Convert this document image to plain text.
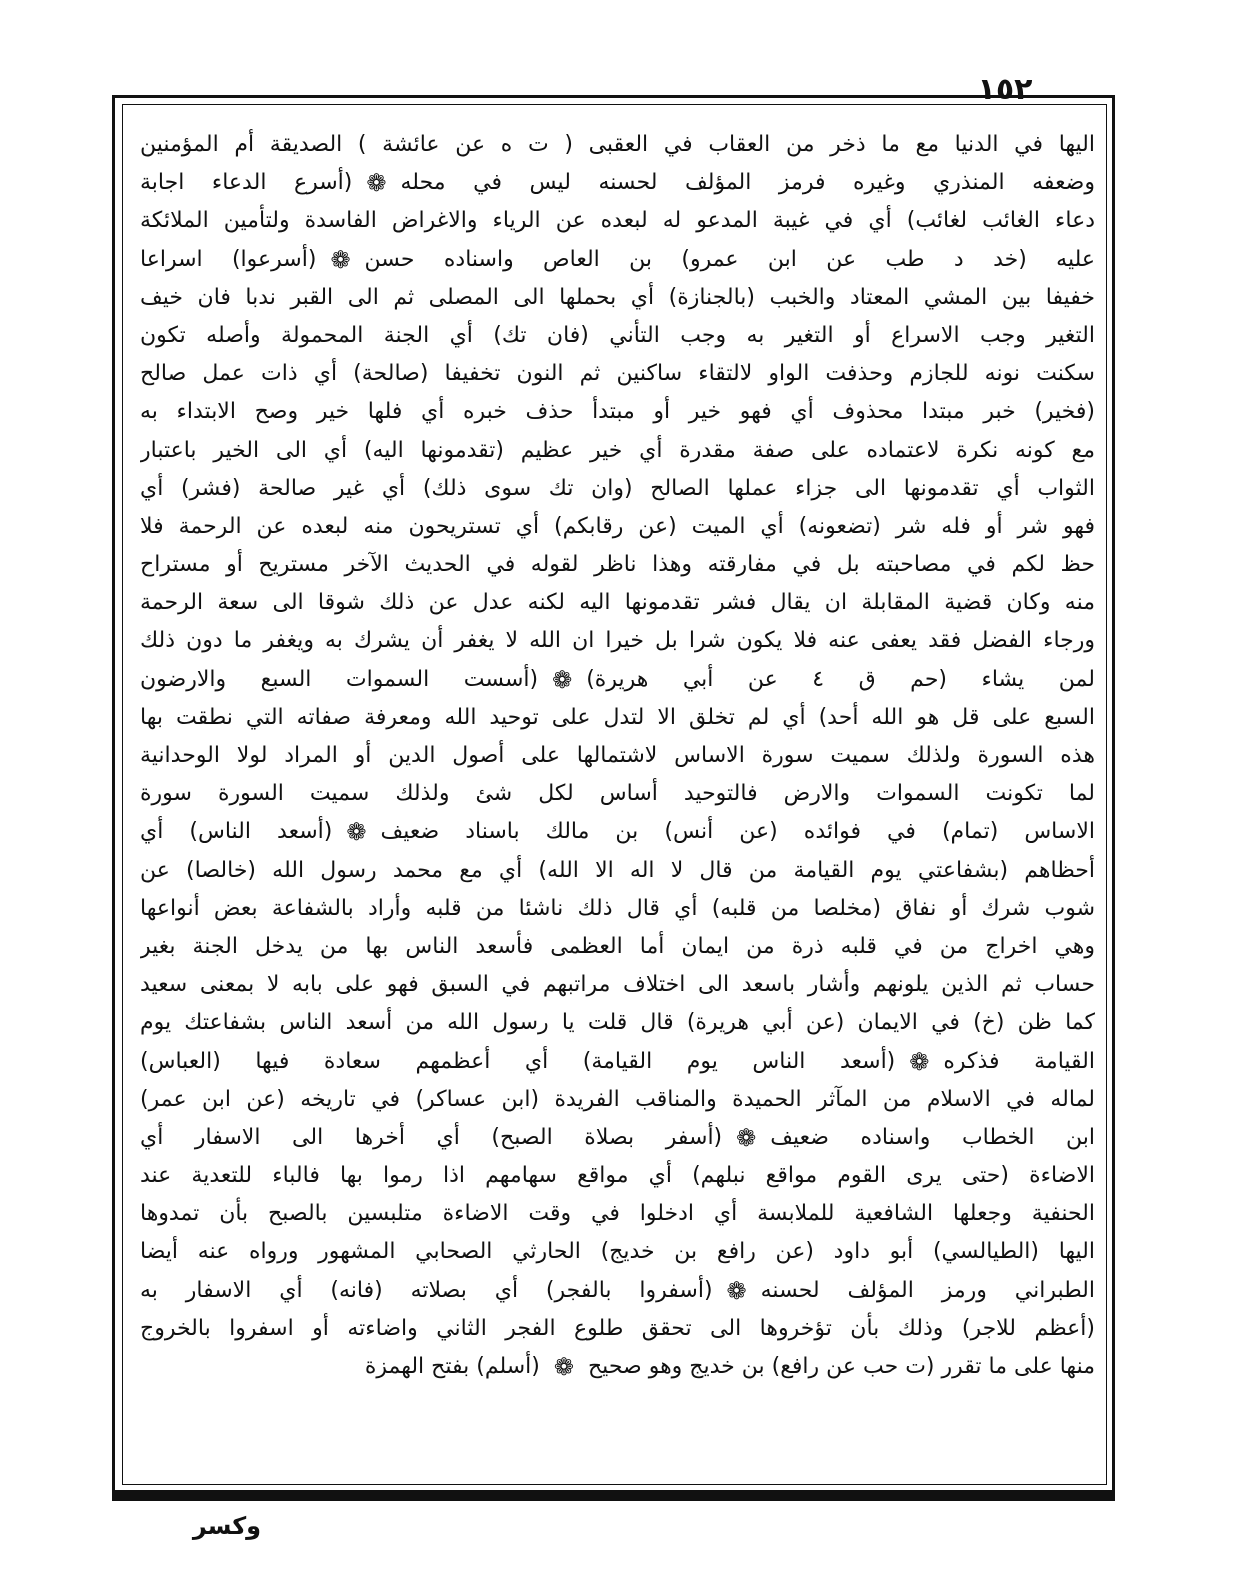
١٥٢
اليها في الدنيا مع ما ذخر من العقاب في العقبى ( ت ه عن عائشة ) الصديقة أم المؤمنين
وضعفه المنذري وغيره فرمز المؤلف لحسنه ليس في محله❁(أسرع الدعاء اجابة
دعاء الغائب لغائب) أي في غيبة المدعو له لبعده عن الرياء والاغراض الفاسدة ولتأمين الملائكة
عليه (خد د طب عن ابن عمرو) بن العاص واسناده حسن❁(أسرعوا) اسراعا
خفيفا بين المشي المعتاد والخبب (بالجنازة) أي بحملها الى المصلى ثم الى القبر ندبا فان خيف
التغير وجب الاسراع أو التغير به وجب التأني (فان تك) أي الجنة المحمولة وأصله تكون
سكنت نونه للجازم وحذفت الواو لالتقاء ساكنين ثم النون تخفيفا (صالحة) أي ذات عمل صالح
(فخير) خبر مبتدا محذوف أي فهو خير أو مبتدأ حذف خبره أي فلها خير وصح الابتداء به
مع كونه نكرة لاعتماده على صفة مقدرة أي خير عظيم (تقدمونها اليه) أي الى الخير باعتبار
الثواب أي تقدمونها الى جزاء عملها الصالح (وان تك سوى ذلك) أي غير صالحة (فشر) أي
فهو شر أو فله شر (تضعونه) أي الميت (عن رقابكم) أي تستريحون منه لبعده عن الرحمة فلا
حظ لكم في مصاحبته بل في مفارقته وهذا ناظر لقوله في الحديث الآخر مستريح أو مستراح
منه وكان قضية المقابلة ان يقال فشر تقدمونها اليه لكنه عدل عن ذلك شوقا الى سعة الرحمة
ورجاء الفضل فقد يعفى عنه فلا يكون شرا بل خيرا ان الله لا يغفر أن يشرك به ويغفر ما دون ذلك
لمن يشاء (حم ق ٤ عن أبي هريرة)❁(أسست السموات السبع والارضون
السبع على قل هو الله أحد) أي لم تخلق الا لتدل على توحيد الله ومعرفة صفاته التي نطقت بها
هذه السورة ولذلك سميت سورة الاساس لاشتمالها على أصول الدين أو المراد لولا الوحدانية
لما تكونت السموات والارض فالتوحيد أساس لكل شئ ولذلك سميت السورة سورة
الاساس (تمام) في فوائده (عن أنس) بن مالك باسناد ضعيف❁(أسعد الناس) أي
أحظاهم (بشفاعتي يوم القيامة من قال لا اله الا الله) أي مع محمد رسول الله (خالصا) عن
شوب شرك أو نفاق (مخلصا من قلبه) أي قال ذلك ناشئا من قلبه وأراد بالشفاعة بعض أنواعها
وهي اخراج من في قلبه ذرة من ايمان أما العظمى فأسعد الناس بها من يدخل الجنة بغير
حساب ثم الذين يلونهم وأشار باسعد الى اختلاف مراتبهم في السبق فهو على بابه لا بمعنى سعيد
كما ظن (خ) في الايمان (عن أبي هريرة) قال قلت يا رسول الله من أسعد الناس بشفاعتك يوم
القيامة فذكره❁(أسعد الناس يوم القيامة) أي أعظمهم سعادة فيها (العباس)
لماله في الاسلام من المآثر الحميدة والمناقب الفريدة (ابن عساكر) في تاريخه (عن ابن عمر)
ابن الخطاب واسناده ضعيف❁(أسفر بصلاة الصبح) أي أخرها الى الاسفار أي
الاضاءة (حتى يرى القوم مواقع نبلهم) أي مواقع سهامهم اذا رموا بها فالباء للتعدية عند
الحنفية وجعلها الشافعية للملابسة أي ادخلوا في وقت الاضاءة متلبسين بالصبح بأن تمدوها
اليها (الطيالسي) أبو داود (عن رافع بن خديج) الحارثي الصحابي المشهور ورواه عنه أيضا
الطبراني ورمز المؤلف لحسنه❁(أسفروا بالفجر) أي بصلاته (فانه) أي الاسفار به
(أعظم للاجر) وذلك بأن تؤخروها الى تحقق طلوع الفجر الثاني واضاءته أو اسفروا بالخروج
منها على ما تقرر (ت حب عن رافع) بن خديج وهو صحيح❁(أسلم) بفتح الهمزة
وكسر
